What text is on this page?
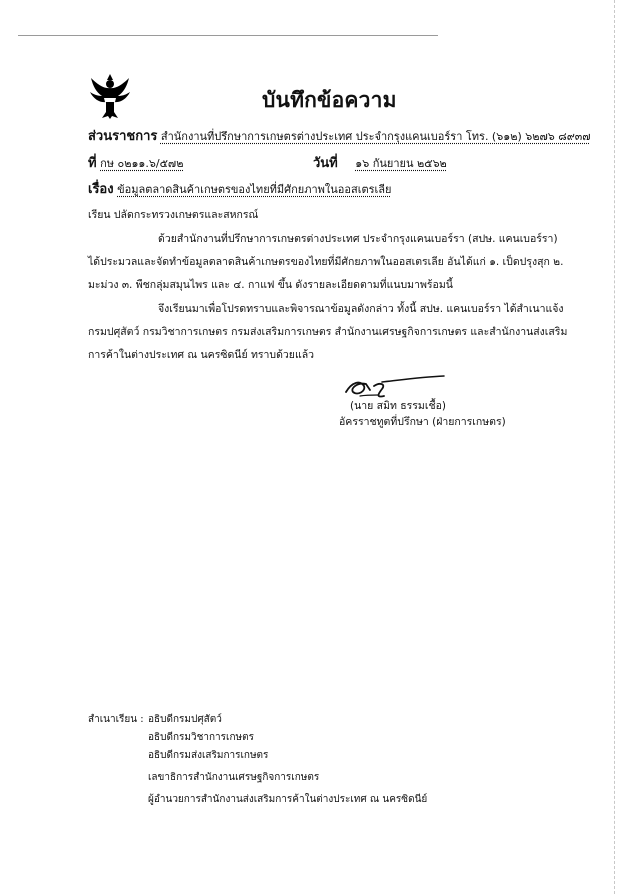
บันทึกข้อความ
ส่วนราชการ สำนักงานที่ปรึกษาการเกษตรต่างประเทศ ประจำกรุงแคนเบอร์รา โทร. (๖๑๒) ๖๒๗๖ ๘๙๓๗
ที่ กษ ๐๒๑๑.๖/๕๗๒	วันที่ ๑๖ กันยายน ๒๕๖๒
เรื่อง ข้อมูลตลาดสินค้าเกษตรของไทยที่มีศักยภาพในออสเตรเลีย
เรียน ปลัดกระทรวงเกษตรและสหกรณ์
ด้วยสำนักงานที่ปรึกษาการเกษตรต่างประเทศ ประจำกรุงแคนเบอร์รา (สปษ. แคนเบอร์รา)
ได้ประมวลและจัดทำข้อมูลตลาดสินค้าเกษตรของไทยที่มีศักยภาพในออสเตรเลีย อันได้แก่ ๑. เป็ดปรุงสุก ๒.
มะม่วง ๓. พืชกลุ่มสมุนไพร และ ๔. กาแฟ ขึ้น ดังรายละเอียดตามที่แนบมาพร้อมนี้
จึงเรียนมาเพื่อโปรดทราบและพิจารณาข้อมูลดังกล่าว ทั้งนี้ สปษ. แคนเบอร์รา ได้สำเนาแจ้ง
กรมปศุสัตว์ กรมวิชาการเกษตร กรมส่งเสริมการเกษตร สำนักงานเศรษฐกิจการเกษตร และสำนักงานส่งเสริม
การค้าในต่างประเทศ ณ นครซิดนีย์ ทราบด้วยแล้ว
(นาย สมิท ธรรมเชื้อ)
อัครราชทูตที่ปรึกษา (ฝ่ายการเกษตร)
สำเนาเรียน : อธิบดีกรมปศุสัตว์
อธิบดีกรมวิชาการเกษตร
อธิบดีกรมส่งเสริมการเกษตร
เลขาธิการสำนักงานเศรษฐกิจการเกษตร
ผู้อำนวยการสำนักงานส่งเสริมการค้าในต่างประเทศ ณ นครซิดนีย์
